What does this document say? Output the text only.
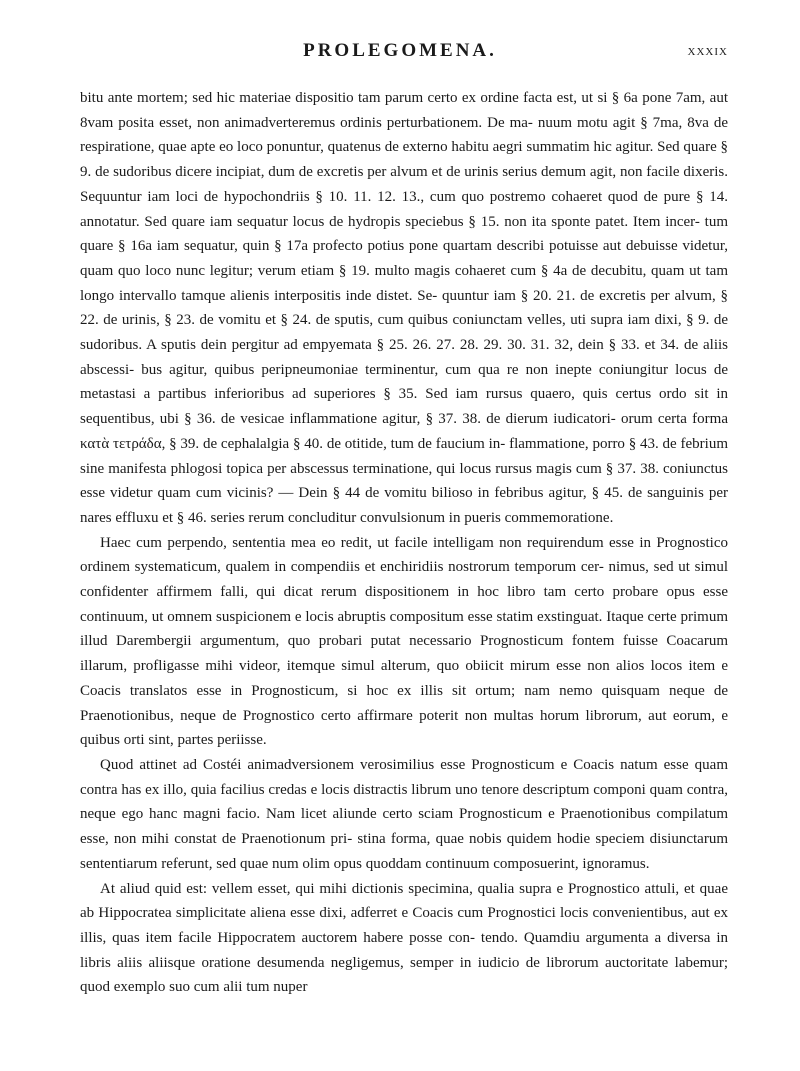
PROLEGOMENA.	XXXIX

bitu ante mortem; sed hic materiae dispositio tam parum certo ex ordine facta est, ut si § 6a pone 7am, aut 8vam posita esset, non animadverteremus ordinis perturbationem. De ma- nuum motu agit § 7ma, 8va de respiratione, quae apte eo loco ponuntur, quatenus de externo habitu aegri summatim hic agitur. Sed quare § 9. de sudoribus dicere incipiat, dum de excretis per alvum et de urinis serius demum agit, non facile dixeris. Sequuntur iam loci de hypochondriis § 10. 11. 12. 13., cum quo postremo cohaeret quod de pure § 14. annotatur. Sed quare iam sequatur locus de hydropis speciebus § 15. non ita sponte patet. Item incer- tum quare § 16a iam sequatur, quin § 17a profecto potius pone quartam describi potuisse aut debuisse videtur, quam quo loco nunc legitur; verum etiam § 19. multo magis cohaeret cum § 4a de decubitu, quam ut tam longo intervallo tamque alienis interpositis inde distet. Se- quuntur iam § 20. 21. de excretis per alvum, § 22. de urinis, § 23. de vomitu et § 24. de sputis, cum quibus coniunctam velles, uti supra iam dixi, § 9. de sudoribus. A sputis dein pergitur ad empyemata § 25. 26. 27. 28. 29. 30. 31. 32, dein § 33. et 34. de aliis abscessi- bus agitur, quibus peripneumoniae terminentur, cum qua re non inepte coniungitur locus de metastasi a partibus inferioribus ad superiores § 35. Sed iam rursus quaero, quis certus ordo sit in sequentibus, ubi § 36. de vesicae inflammatione agitur, § 37. 38. de dierum iudicatori- orum certa forma κατὰ τετράδα, § 39. de cephalalgia § 40. de otitide, tum de faucium in- flammatione, porro § 43. de febrium sine manifesta phlogosi topica per abscessus terminatione, qui locus rursus magis cum § 37. 38. coniunctus esse videtur quam cum vicinis? — Dein § 44 de vomitu bilioso in febribus agitur, § 45. de sanguinis per nares effluxu et § 46. series rerum concluditur convulsionum in pueris commemoratione.

Haec cum perpendo, sententia mea eo redit, ut facile intelligam non requirendum esse in Prognostico ordinem systematicum, qualem in compendiis et enchiridiis nostrorum temporum cer- nimus, sed ut simul confidenter affirmem falli, qui dicat rerum dispositionem in hoc libro tam certo probare opus esse continuum, ut omnem suspicionem e locis abruptis compositum esse statim exstinguat. Itaque certe primum illud Darembergii argumentum, quo probari putat necessario Prognosticum fontem fuisse Coacarum illarum, profligasse mihi videor, itemque simul alterum, quo obiicit mirum esse non alios locos item e Coacis translatos esse in Prognosticum, si hoc ex illis sit ortum; nam nemo quisquam neque de Praenotionibus, neque de Prognostico certo affirmare poterit non multas horum librorum, aut eorum, e quibus orti sint, partes periisse.

Quod attinet ad Costéi animadversionem verosimilius esse Prognosticum e Coacis natum esse quam contra has ex illo, quia facilius credas e locis distractis librum uno tenore descriptum componi quam contra, neque ego hanc magni facio. Nam licet aliunde certo sciam Prognosticum e Praenotionibus compilatum esse, non mihi constat de Praenotionum pri- stina forma, quae nobis quidem hodie speciem disiunctarum sententiarum referunt, sed quae num olim opus quoddam continuum composuerint, ignoramus.

At aliud quid est: vellem esset, qui mihi dictionis specimina, qualia supra e Prognostico attuli, et quae ab Hippocratea simplicitate aliena esse dixi, adferret e Coacis cum Prognostici locis convenientibus, aut ex illis, quas item facile Hippocratem auctorem habere posse con- tendo. Quamdiu argumenta a diversa in libris aliis aliisque oratione desumenda negligemus, semper in iudicio de librorum auctoritate labemur; quod exemplo suo cum alii tum nuper
